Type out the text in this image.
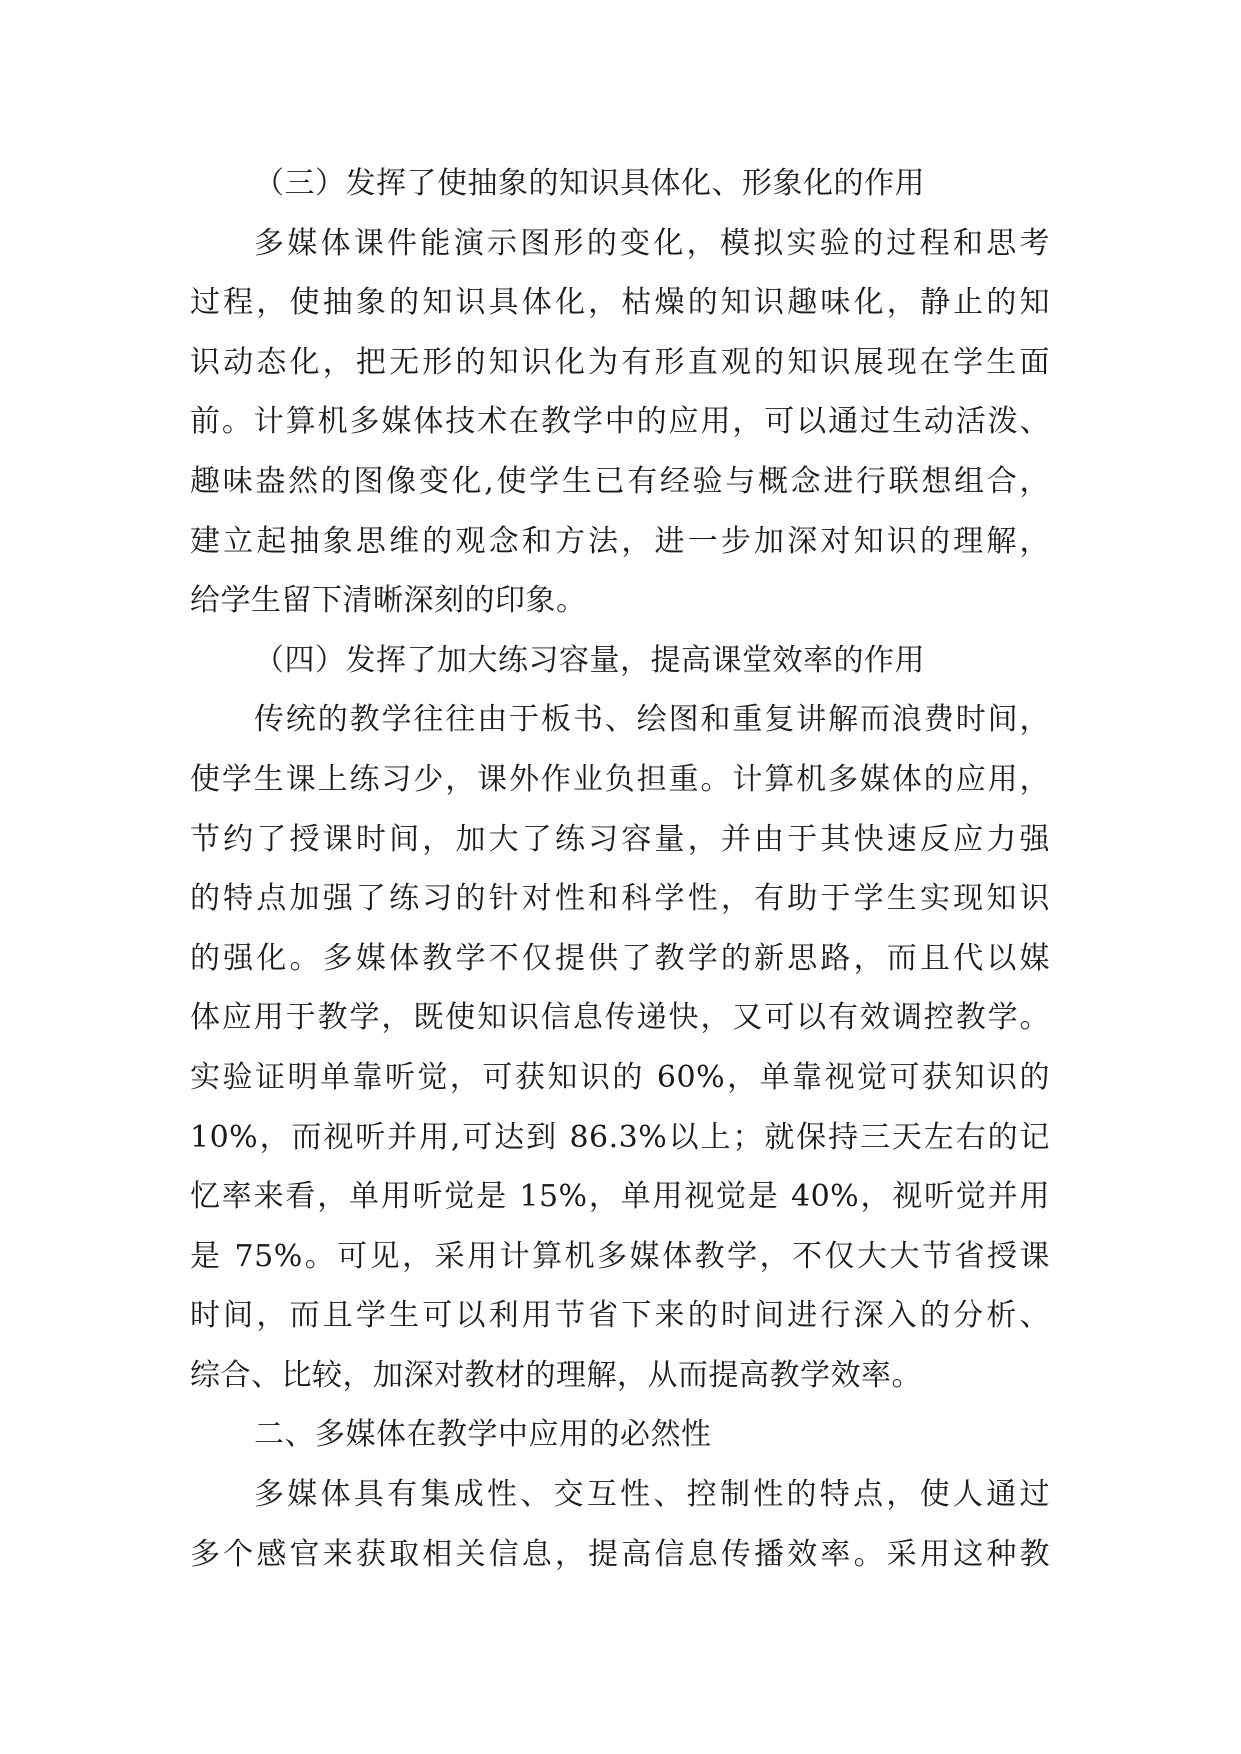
（三）发挥了使抽象的知识具体化、形象化的作用
多媒体课件能演示图形的变化，模拟实验的过程和思考
过程，使抽象的知识具体化，枯燥的知识趣味化，静止的知
识动态化，把无形的知识化为有形直观的知识展现在学生面
前。计算机多媒体技术在教学中的应用，可以通过生动活泼、
趣味盎然的图像变化,使学生已有经验与概念进行联想组合，
建立起抽象思维的观念和方法，进一步加深对知识的理解，
给学生留下清晰深刻的印象。
（四）发挥了加大练习容量，提高课堂效率的作用
传统的教学往往由于板书、绘图和重复讲解而浪费时间，
使学生课上练习少，课外作业负担重。计算机多媒体的应用，
节约了授课时间，加大了练习容量，并由于其快速反应力强
的特点加强了练习的针对性和科学性，有助于学生实现知识
的强化。多媒体教学不仅提供了教学的新思路，而且代以媒
体应用于教学，既使知识信息传递快，又可以有效调控教学。
实验证明单靠听觉，可获知识的 60%，单靠视觉可获知识的
10%，而视听并用,可达到 86.3%以上；就保持三天左右的记
忆率来看，单用听觉是 15%，单用视觉是 40%，视听觉并用
是 75%。可见，采用计算机多媒体教学，不仅大大节省授课
时间，而且学生可以利用节省下来的时间进行深入的分析、
综合、比较，加深对教材的理解，从而提高教学效率。
二、多媒体在教学中应用的必然性
多媒体具有集成性、交互性、控制性的特点，使人通过
多个感官来获取相关信息，提高信息传播效率。采用这种教
